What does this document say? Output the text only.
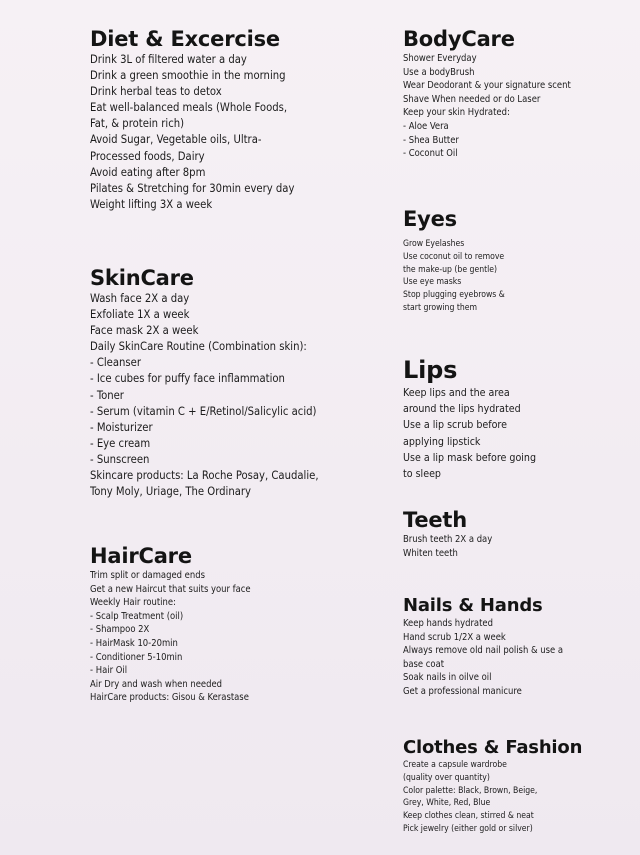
Diet & Excercise
Drink 3L of filtered water a day
Drink a green smoothie in the morning
Drink herbal teas to detox
Eat well-balanced meals (Whole Foods,
Fat, & protein rich)
Avoid Sugar, Vegetable oils, Ultra-
Processed foods, Dairy
Avoid eating after 8pm
Pilates & Stretching for 30min every day
Weight lifting 3X a week
SkinCare
Wash face 2X a day
Exfoliate 1X a week
Face mask 2X a week
Daily SkinCare Routine (Combination skin):
- Cleanser
- Ice cubes for puffy face inflammation
- Toner
- Serum (vitamin C + E/Retinol/Salicylic acid)
- Moisturizer
- Eye cream
- Sunscreen
Skincare products: La Roche Posay, Caudalie,
Tony Moly, Uriage, The Ordinary
HairCare
Trim split or damaged ends
Get a new Haircut that suits your face
Weekly Hair routine:
- Scalp Treatment (oil)
- Shampoo 2X
- HairMask 10-20min
- Conditioner 5-10min
- Hair Oil
Air Dry and wash when needed
HairCare products: Gisou & Kerastase
BodyCare
Shower Everyday
Use a bodyBrush
Wear Deodorant & your signature scent
Shave When needed or do Laser
Keep your skin Hydrated:
- Aloe Vera
- Shea Butter
- Coconut Oil
Eyes
Grow Eyelashes
Use coconut oil to remove
the make-up (be gentle)
Use eye masks
Stop plugging eyebrows &
start growing them
Lips
Keep lips and the area
around the lips hydrated
Use a lip scrub before
applying lipstick
Use a lip mask before going
to sleep
Teeth
Brush teeth 2X a day
Whiten teeth
Nails & Hands
Keep hands hydrated
Hand scrub 1/2X a week
Always remove old nail polish & use a
base coat
Soak nails in oilve oil
Get a professional manicure
Clothes & Fashion
Create a capsule wardrobe
(quality over quantity)
Color palette: Black, Brown, Beige,
Grey, White, Red, Blue
Keep clothes clean, stirred & neat
Pick jewelry (either gold or silver)
